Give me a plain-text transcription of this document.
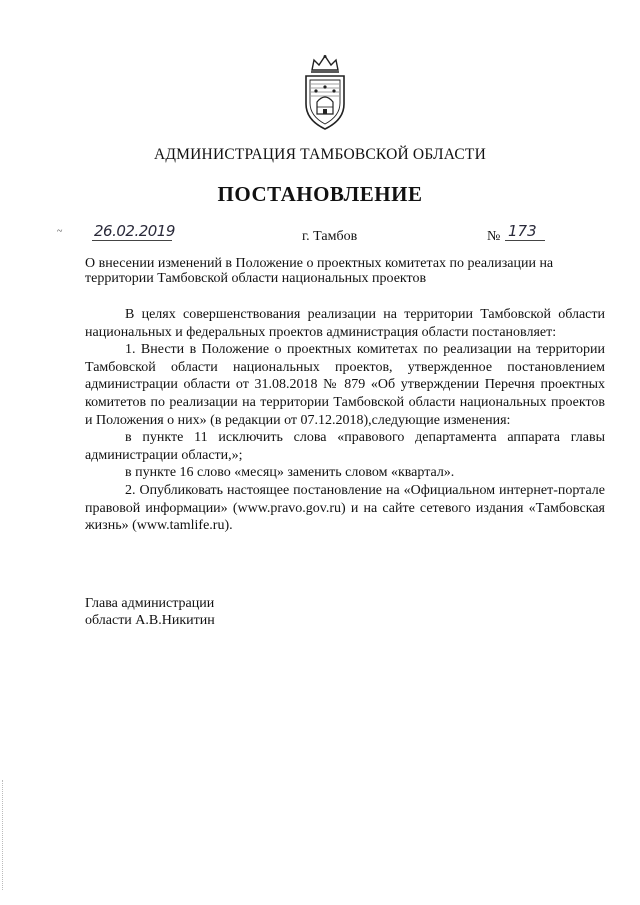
АДМИНИСТРАЦИЯ ТАМБОВСКОЙ ОБЛАСТИ
ПОСТАНОВЛЕНИЕ
~ 26.02.2019	г. Тамбов	№ 173
О внесении изменений в Положение о проектных комитетах по реализации на территории Тамбовской области национальных проектов

В целях совершенствования реализации на территории Тамбовской области национальных и федеральных проектов администрация области постановляет:

1. Внести в Положение о проектных комитетах по реализации на территории Тамбовской области национальных проектов, утвержденное постановлением администрации области от 31.08.2018 № 879 «Об утверждении Перечня проектных комитетов по реализации на территории Тамбовской области национальных проектов и Положения о них» (в редакции от 07.12.2018),следующие изменения:

в пункте 11 исключить слова «правового департамента аппарата главы администрации области,»;

в пункте 16 слово «месяц» заменить словом «квартал».

2. Опубликовать настоящее постановление на «Официальном интернет-портале правовой информации» (www.pravo.gov.ru) и на сайте сетевого издания «Тамбовская жизнь» (www.tamlife.ru).

Глава администрации
области А.В.Никитин
